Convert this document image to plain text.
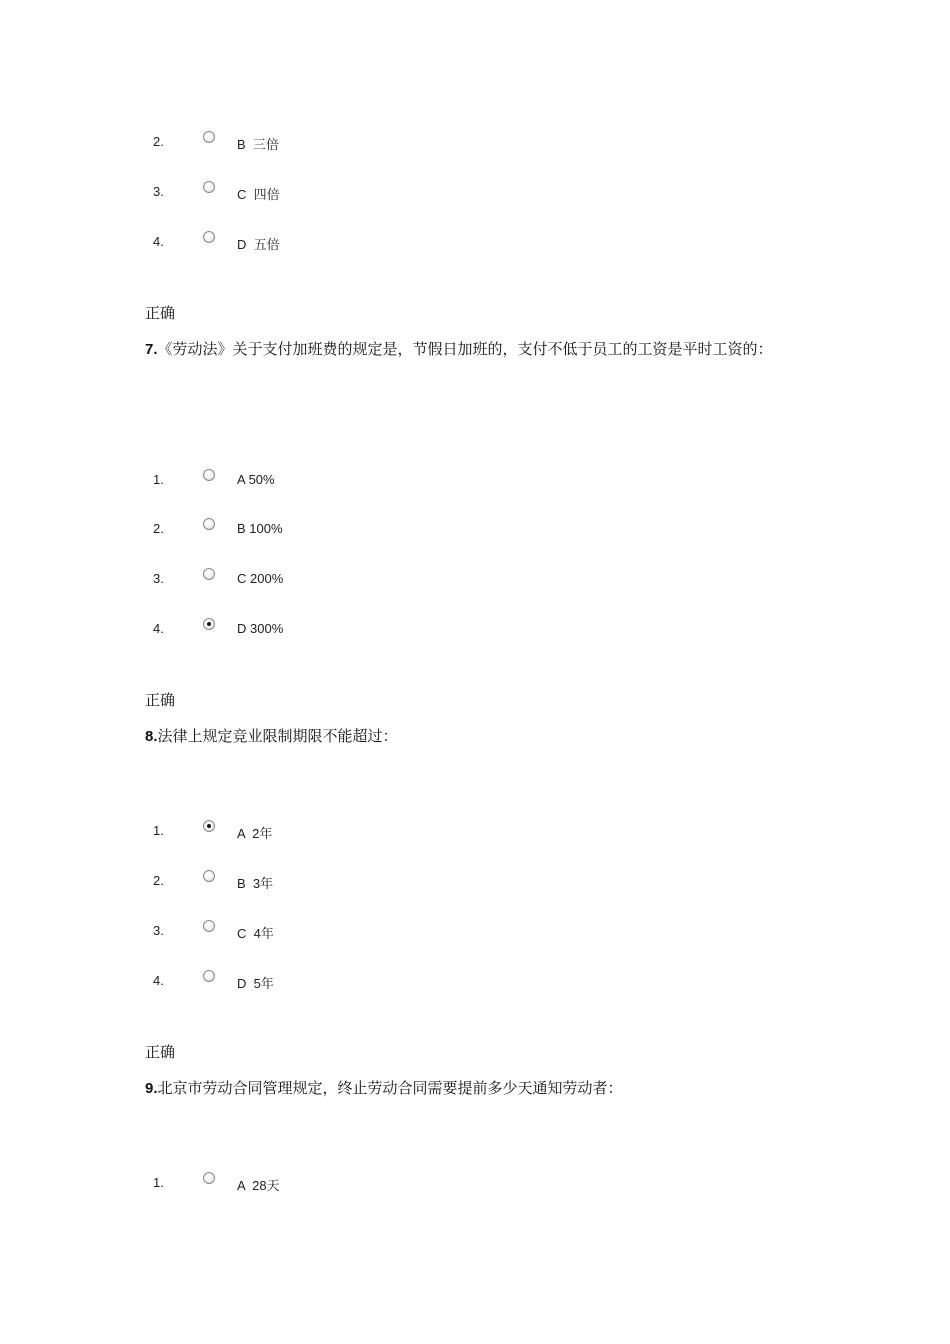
2.	B  三倍
3.	C  四倍
4.	D  五倍
正确
7.《劳动法》关于支付加班费的规定是，节假日加班的，支付不低于员工的工资是平时工资的：
1.	A 50%
2.	B 100%
3.	C 200%
4.	D 300%
正确
8.法律上规定竞业限制期限不能超过：
1.	A  2年
2.	B  3年
3.	C  4年
4.	D  5年
正确
9.北京市劳动合同管理规定，终止劳动合同需要提前多少天通知劳动者：
1.	A  28天
